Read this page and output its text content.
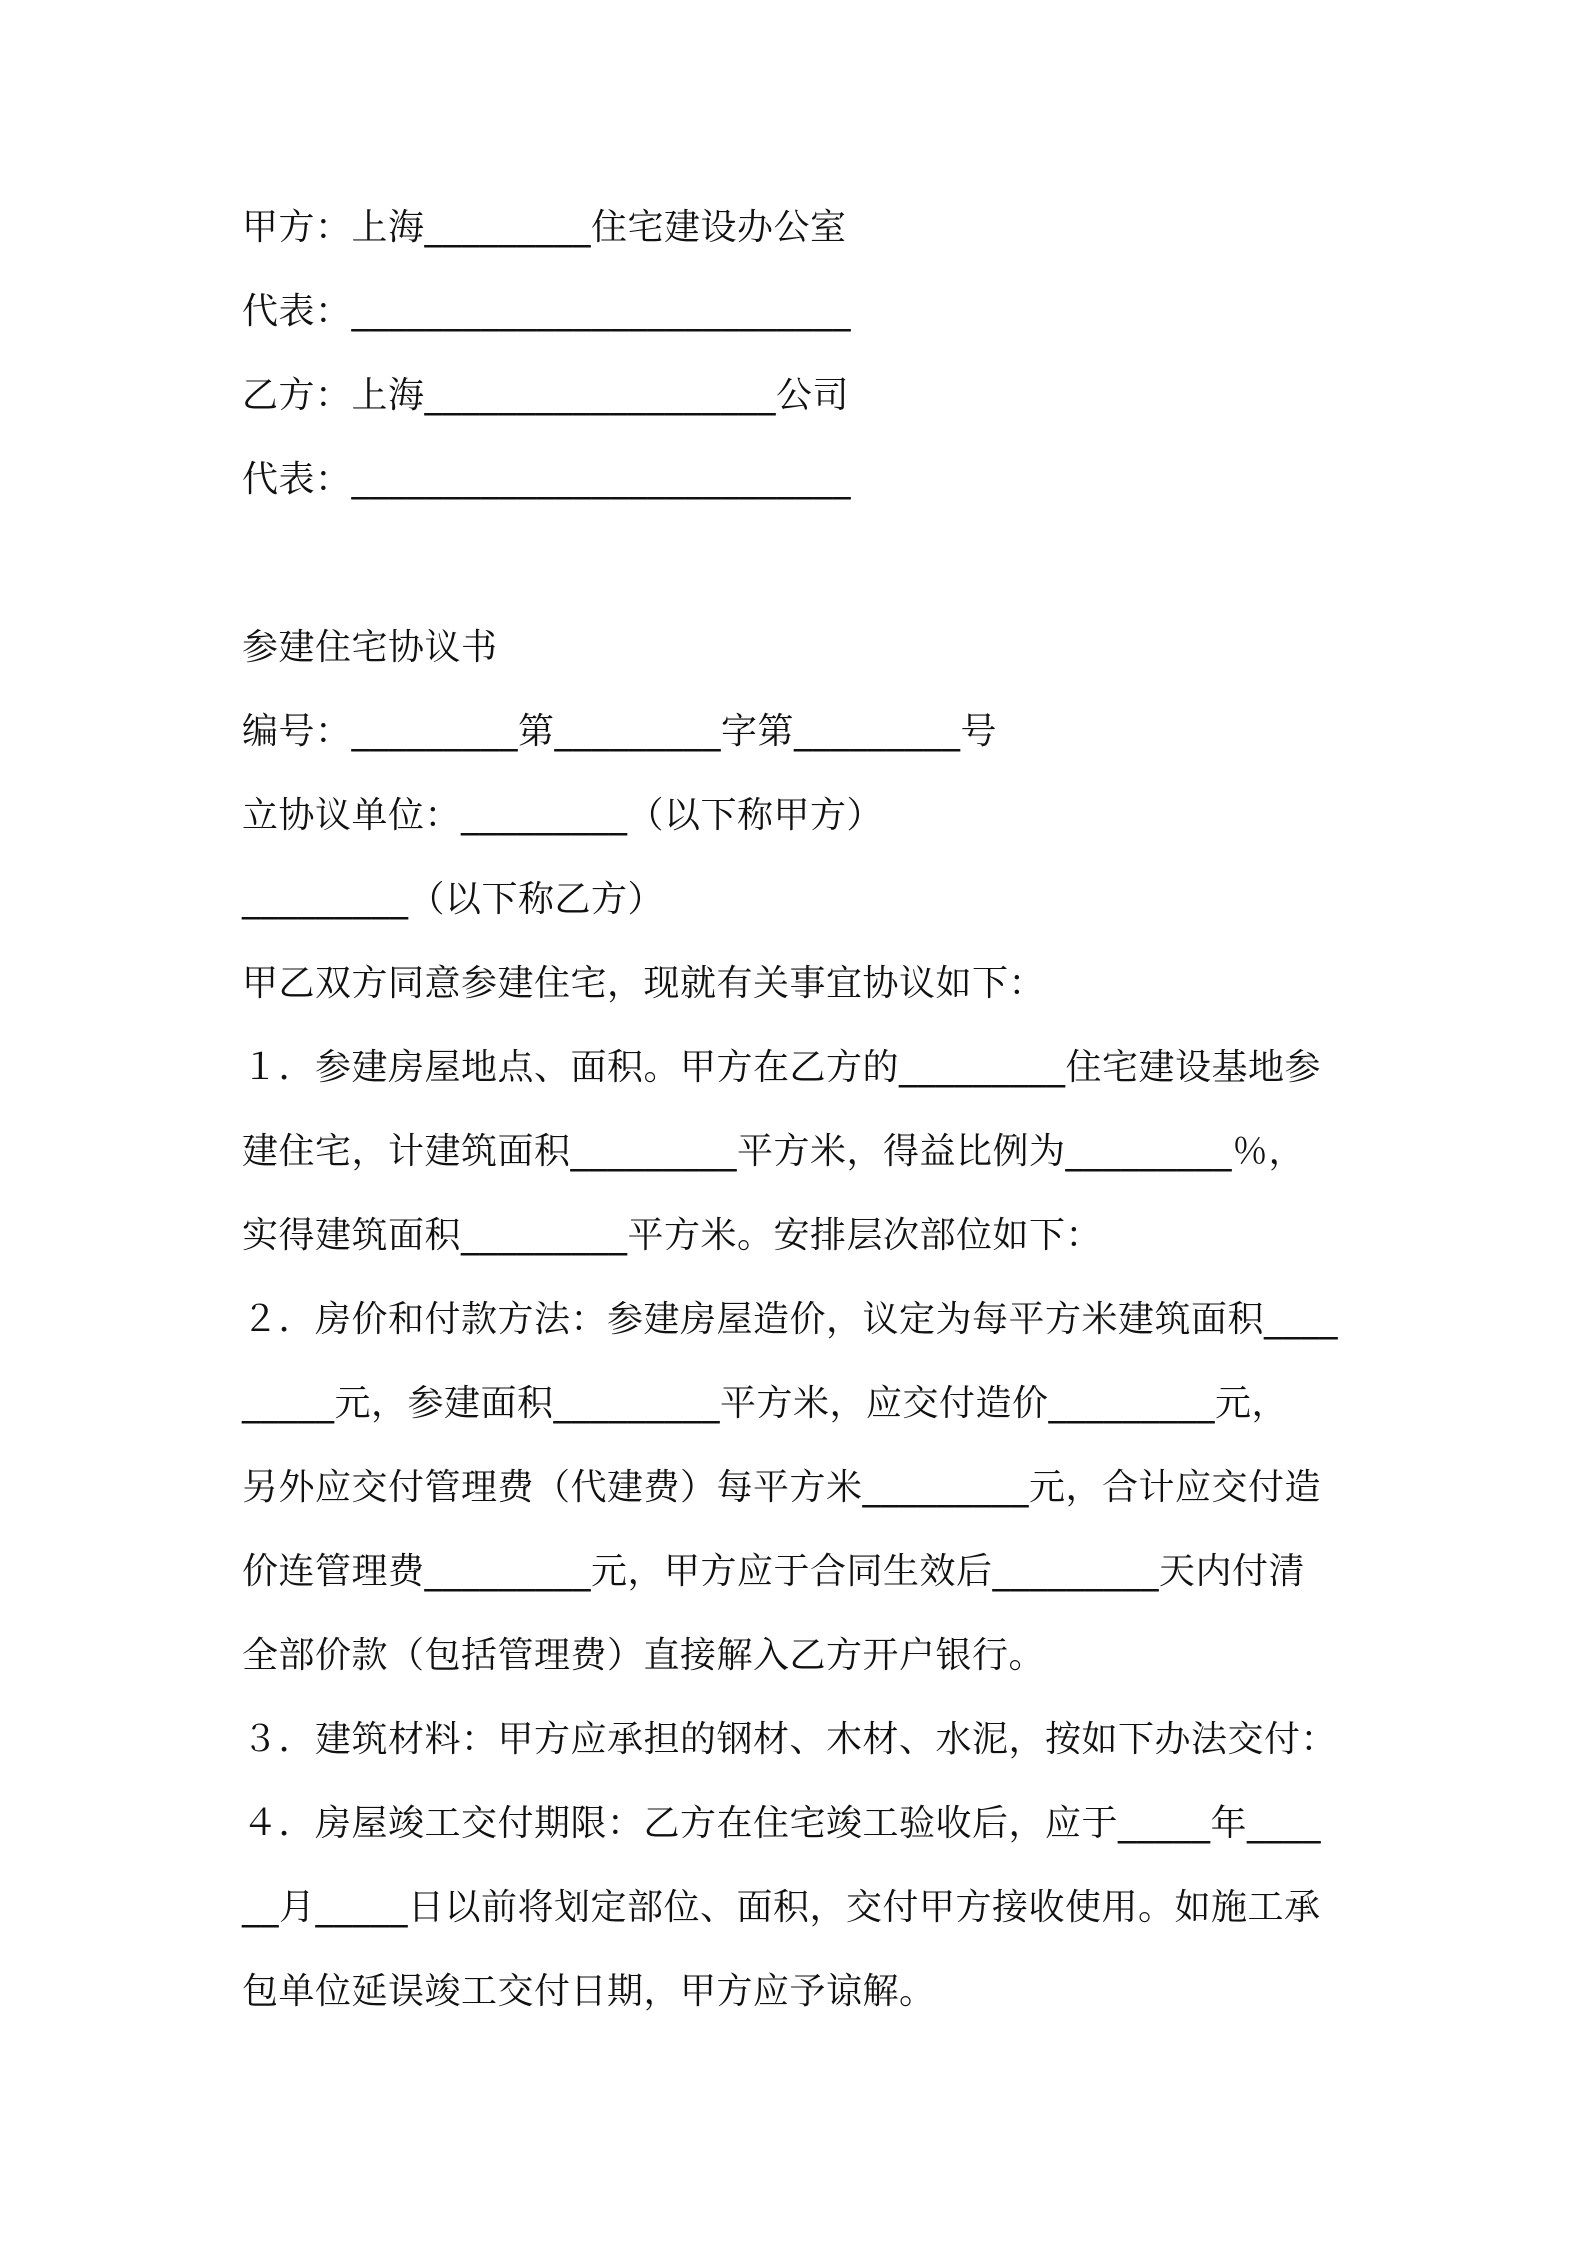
甲方：上海_________住宅建设办公室
代表：___________________________
乙方：上海___________________公司
代表：___________________________
参建住宅协议书
编号：_________第_________字第_________号
立协议单位：_________（以下称甲方）
_________（以下称乙方）
甲乙双方同意参建住宅，现就有关事宜协议如下：
１．参建房屋地点、面积。甲方在乙方的_________住宅建设基地参
建住宅，计建筑面积_________平方米，得益比例为_________％，
实得建筑面积_________平方米。安排层次部位如下：
２．房价和付款方法：参建房屋造价，议定为每平方米建筑面积____
_____元，参建面积_________平方米，应交付造价_________元，
另外应交付管理费（代建费）每平方米_________元，合计应交付造
价连管理费_________元，甲方应于合同生效后_________天内付清
全部价款（包括管理费）直接解入乙方开户银行。
３．建筑材料：甲方应承担的钢材、木材、水泥，按如下办法交付：
４．房屋竣工交付期限：乙方在住宅竣工验收后，应于_____年____
__月_____日以前将划定部位、面积，交付甲方接收使用。如施工承
包单位延误竣工交付日期，甲方应予谅解。
